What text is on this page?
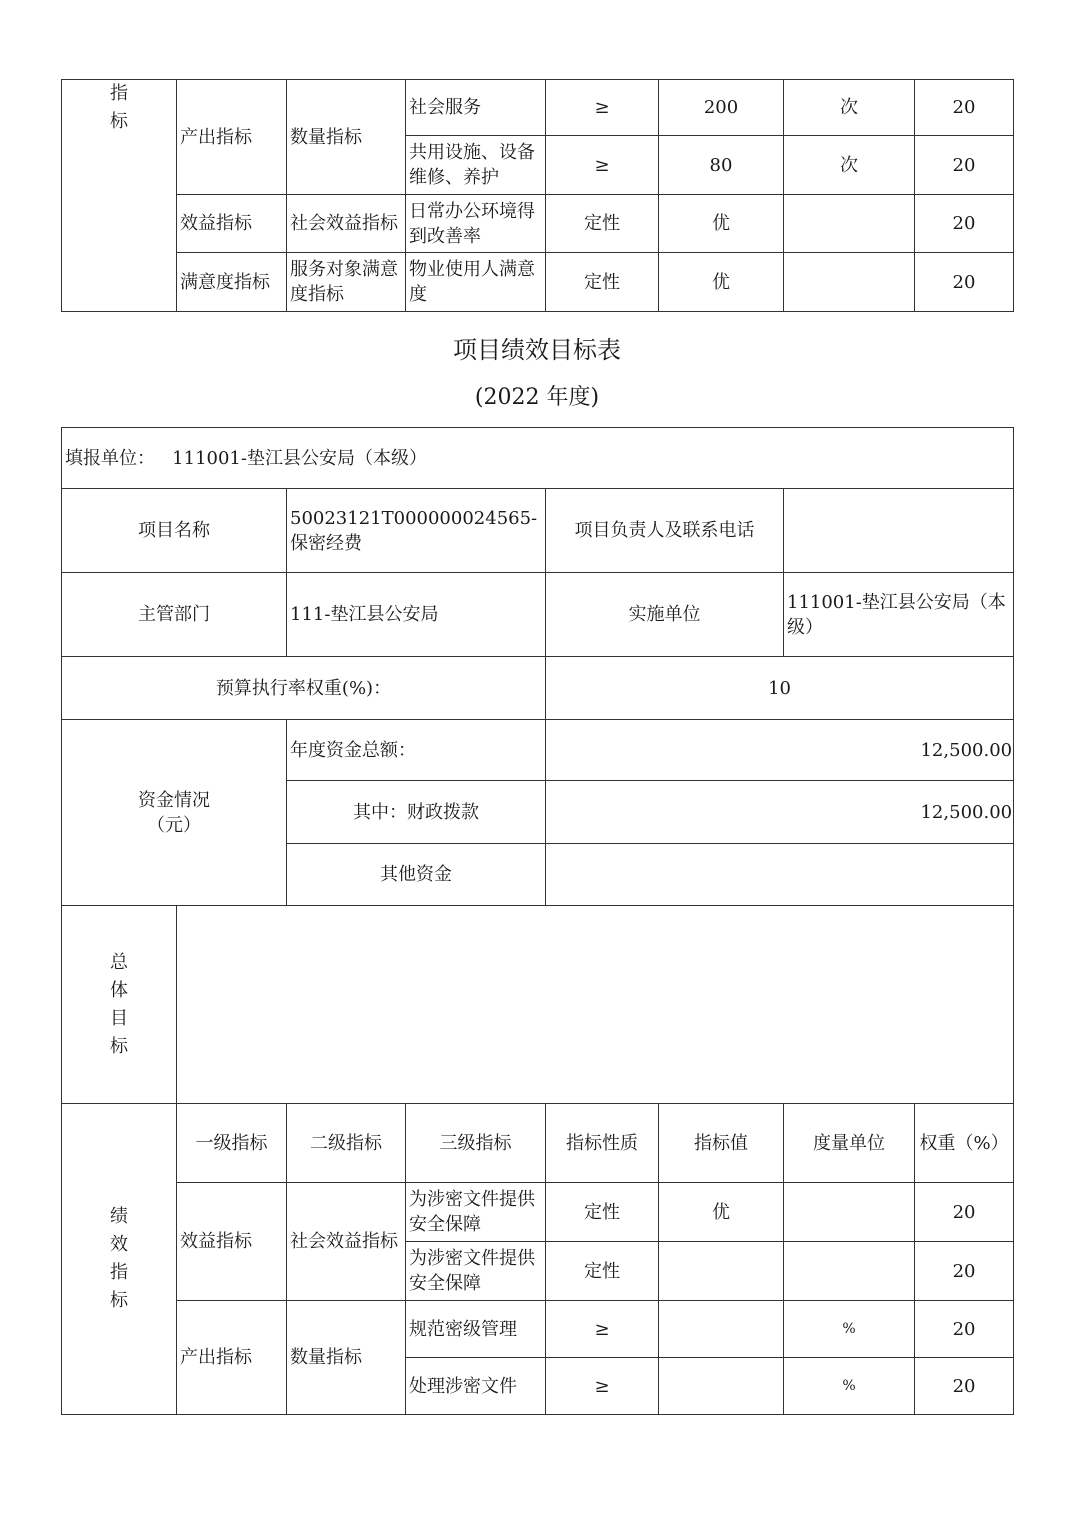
指
标	产出指标	数量指标	社会服务	≥	200	次	20
			共用设施、设备维修、养护	≥	80	次	20
	效益指标	社会效益指标	日常办公环境得到改善率	定性	优		20
	满意度指标	服务对象满意度指标	物业使用人满意度	定性	优		20
项目绩效目标表
(2022 年度)
填报单位： 111001-垫江县公安局（本级）							
项目名称		50023121T000000024565-保密经费		项目负责人及联系电话			
主管部门		111-垫江县公安局		实施单位		111001-垫江县公安局（本级）	
预算执行率权重(%)：				10			

资金情况
（元）		年度资金总额：		12,500.00			
		其中：财政拨款		12,500.00			
		其他资金					

总
体
目
标							

绩
效
指
标	一级指标	二级指标	三级指标	指标性质	指标值	度量单位	权重（%）
	效益指标	社会效益指标	为涉密文件提供安全保障	定性	优		20
			为涉密文件提供安全保障	定性			20
	产出指标	数量指标	规范密级管理	≥		%	20
			处理涉密文件	≥		%	20
